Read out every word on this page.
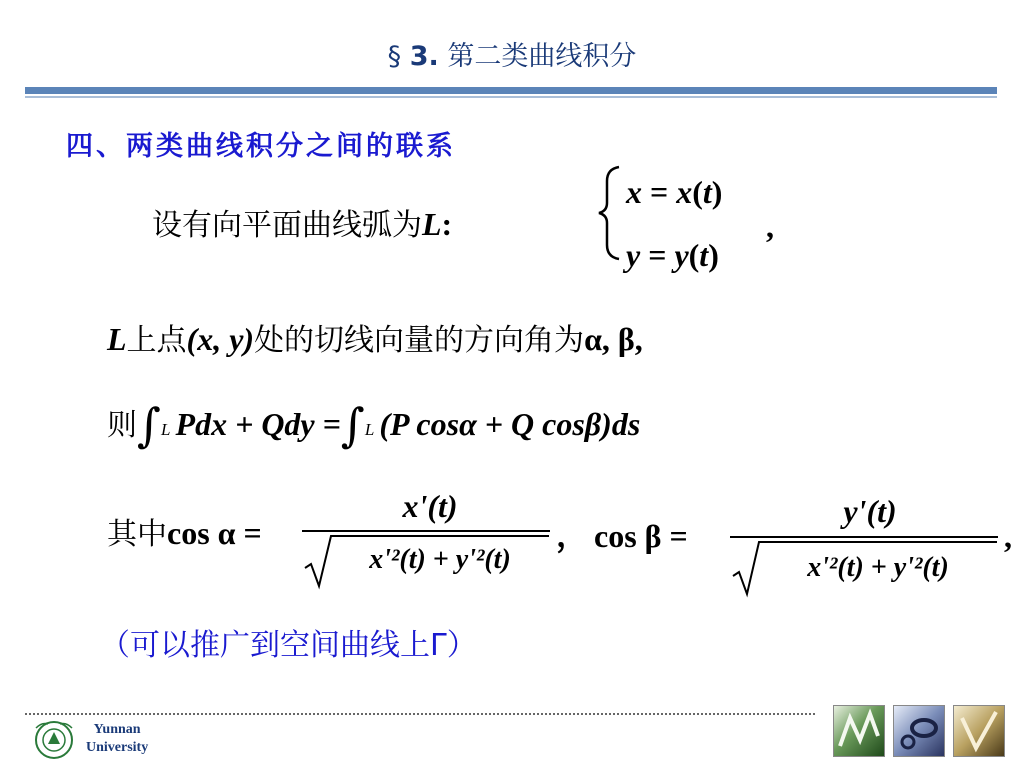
§ 3. 第二类曲线积分
四、两类曲线积分之间的联系
设有向平面曲线弧为L:
x = x(t)
y = y(t)
,
L上点(x, y)处的切线向量的方向角为α, β,
则∫L Pdx + Qdy =∫L (P cosα + Q cosβ)ds
其中cos α =
x'(t)
x'²(t) + y'²(t)
， cos β =
y'(t)
x'²(t) + y'²(t)
,
（可以推广到空间曲线上Γ）
Yunnan
University
